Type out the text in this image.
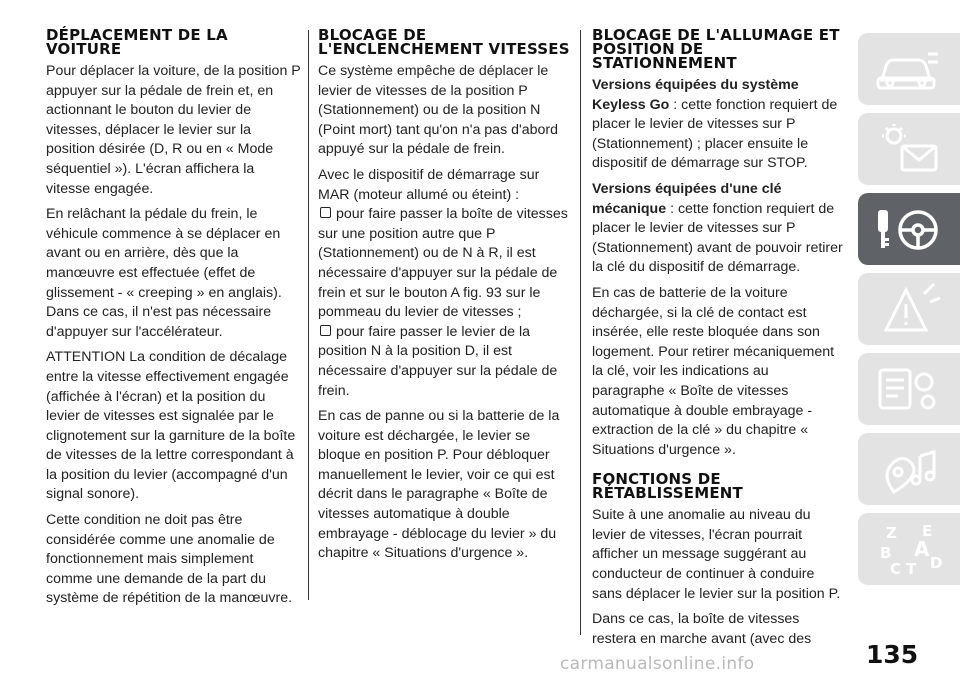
DÉPLACEMENT DE LA VOITURE

Pour déplacer la voiture, de la position P appuyer sur la pédale de frein et, en actionnant le bouton du levier de vitesses, déplacer le levier sur la position désirée (D, R ou en « Mode séquentiel »). L'écran affichera la vitesse engagée.

En relâchant la pédale du frein, le véhicule commence à se déplacer en avant ou en arrière, dès que la manœuvre est effectuée (effet de glissement - « creeping » en anglais). Dans ce cas, il n'est pas nécessaire d'appuyer sur l'accélérateur.

ATTENTION La condition de décalage entre la vitesse effectivement engagée (affichée à l'écran) et la position du levier de vitesses est signalée par le clignotement sur la garniture de la boîte de vitesses de la lettre correspondant à la position du levier (accompagné d'un signal sonore).

Cette condition ne doit pas être considérée comme une anomalie de fonctionnement mais simplement comme une demande de la part du système de répétition de la manœuvre.

BLOCAGE DE L'ENCLENCHEMENT VITESSES

Ce système empêche de déplacer le levier de vitesses de la position P (Stationnement) ou de la position N (Point mort) tant qu'on n'a pas d'abord appuyé sur la pédale de frein.

Avec le dispositif de démarrage sur MAR (moteur allumé ou éteint) :

pour faire passer la boîte de vitesses sur une position autre que P (Stationnement) ou de N à R, il est nécessaire d'appuyer sur la pédale de frein et sur le bouton A fig. 93 sur le pommeau du levier de vitesses ;
pour faire passer le levier de la position N à la position D, il est nécessaire d'appuyer sur la pédale de frein.

En cas de panne ou si la batterie de la voiture est déchargée, le levier se bloque en position P. Pour débloquer manuellement le levier, voir ce qui est décrit dans le paragraphe « Boîte de vitesses automatique à double embrayage - déblocage du levier » du chapitre « Situations d'urgence ».

BLOCAGE DE L'ALLUMAGE ET POSITION DE STATIONNEMENT

Versions équipées du système Keyless Go : cette fonction requiert de placer le levier de vitesses sur P (Stationnement) ; placer ensuite le dispositif de démarrage sur STOP.

Versions équipées d'une clé mécanique : cette fonction requiert de placer le levier de vitesses sur P (Stationnement) avant de pouvoir retirer la clé du dispositif de démarrage.

En cas de batterie de la voiture déchargée, si la clé de contact est insérée, elle reste bloquée dans son logement. Pour retirer mécaniquement la clé, voir les indications au paragraphe « Boîte de vitesses automatique à double embrayage - extraction de la clé » du chapitre « Situations d'urgence ».

FONCTIONS DE RÉTABLISSEMENT

Suite à une anomalie au niveau du levier de vitesses, l'écran pourrait afficher un message suggérant au conducteur de continuer à conduire sans déplacer le levier sur la position P.

Dans ce cas, la boîte de vitesses restera en marche avant (avec des

Z E
B A
C T D
135
carmanualsonline.info
